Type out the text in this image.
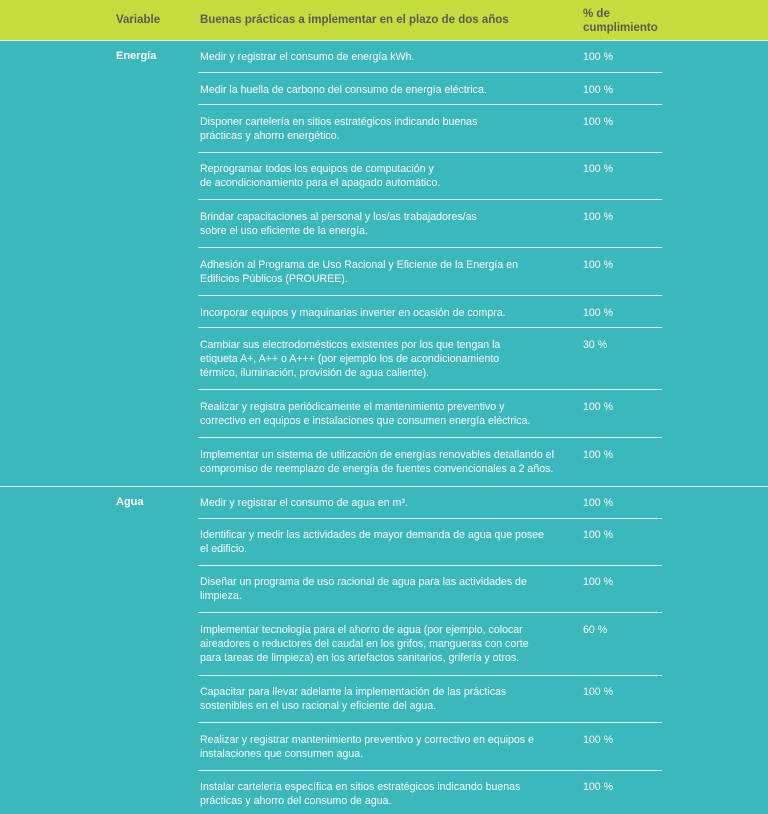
Variable	Buenas prácticas a implementar en el plazo de dos años	% de
cumplimiento
Energía	Medir y registrar el consumo de energía kWh.	100 %
Medir la huella de carbono del consumo de energía eléctrica.	100 %
Disponer cartelería en sitios estratégicos indicando buenas
prácticas y ahorro energético.
100 %
Reprogramar todos los equipos de computación y
de acondicionamiento para el apagado automático.
100 %
Brindar capacitaciones al personal y los/as trabajadores/as
sobre el uso eficiente de la energía.
100 %
Adhesión al Programa de Uso Racional y Eficiente de la Energía en
Edificios Públicos (PROUREE).
100 %
Incorporar equipos y maquinarias inverter en ocasión de compra.	100 %
Cambiar sus electrodomésticos existentes por los que tengan la
etiqueta A+, A++ o A+++ (por ejemplo los de acondicionamiento
térmico, iluminación, provisión de agua caliente).
30 %
Realizar y registra periódicamente el mantenimiento preventivo y
correctivo en equipos e instalaciones que consumen energía eléctrica.
100 %
Implementar un sistema de utilización de energías renovables detallando el
compromiso de reemplazo de energía de fuentes convencionales a 2 años.
100 %
Agua	Medir y registrar el consumo de agua en m³.	100 %
Identificar y medir las actividades de mayor demanda de agua que posee
el edificio.
100 %
Diseñar un programa de uso racional de agua para las actividades de
limpieza.
100 %
Implementar tecnología para el ahorro de agua (por ejemplo, colocar
aireadores o reductores del caudal en los grifos, mangueras con corte
para tareas de limpieza) en los artefactos sanitarios, grifería y otros.
60 %
Capacitar para llevar adelante la implementación de las prácticas
sostenibles en el uso racional y eficiente del agua.
100 %
Realizar y registrar mantenimiento preventivo y correctivo en equipos e
instalaciones que consumen agua.
100 %
Instalar cartelería específica en sitios estratégicos indicando buenas
prácticas y ahorro del consumo de agua.
100 %
